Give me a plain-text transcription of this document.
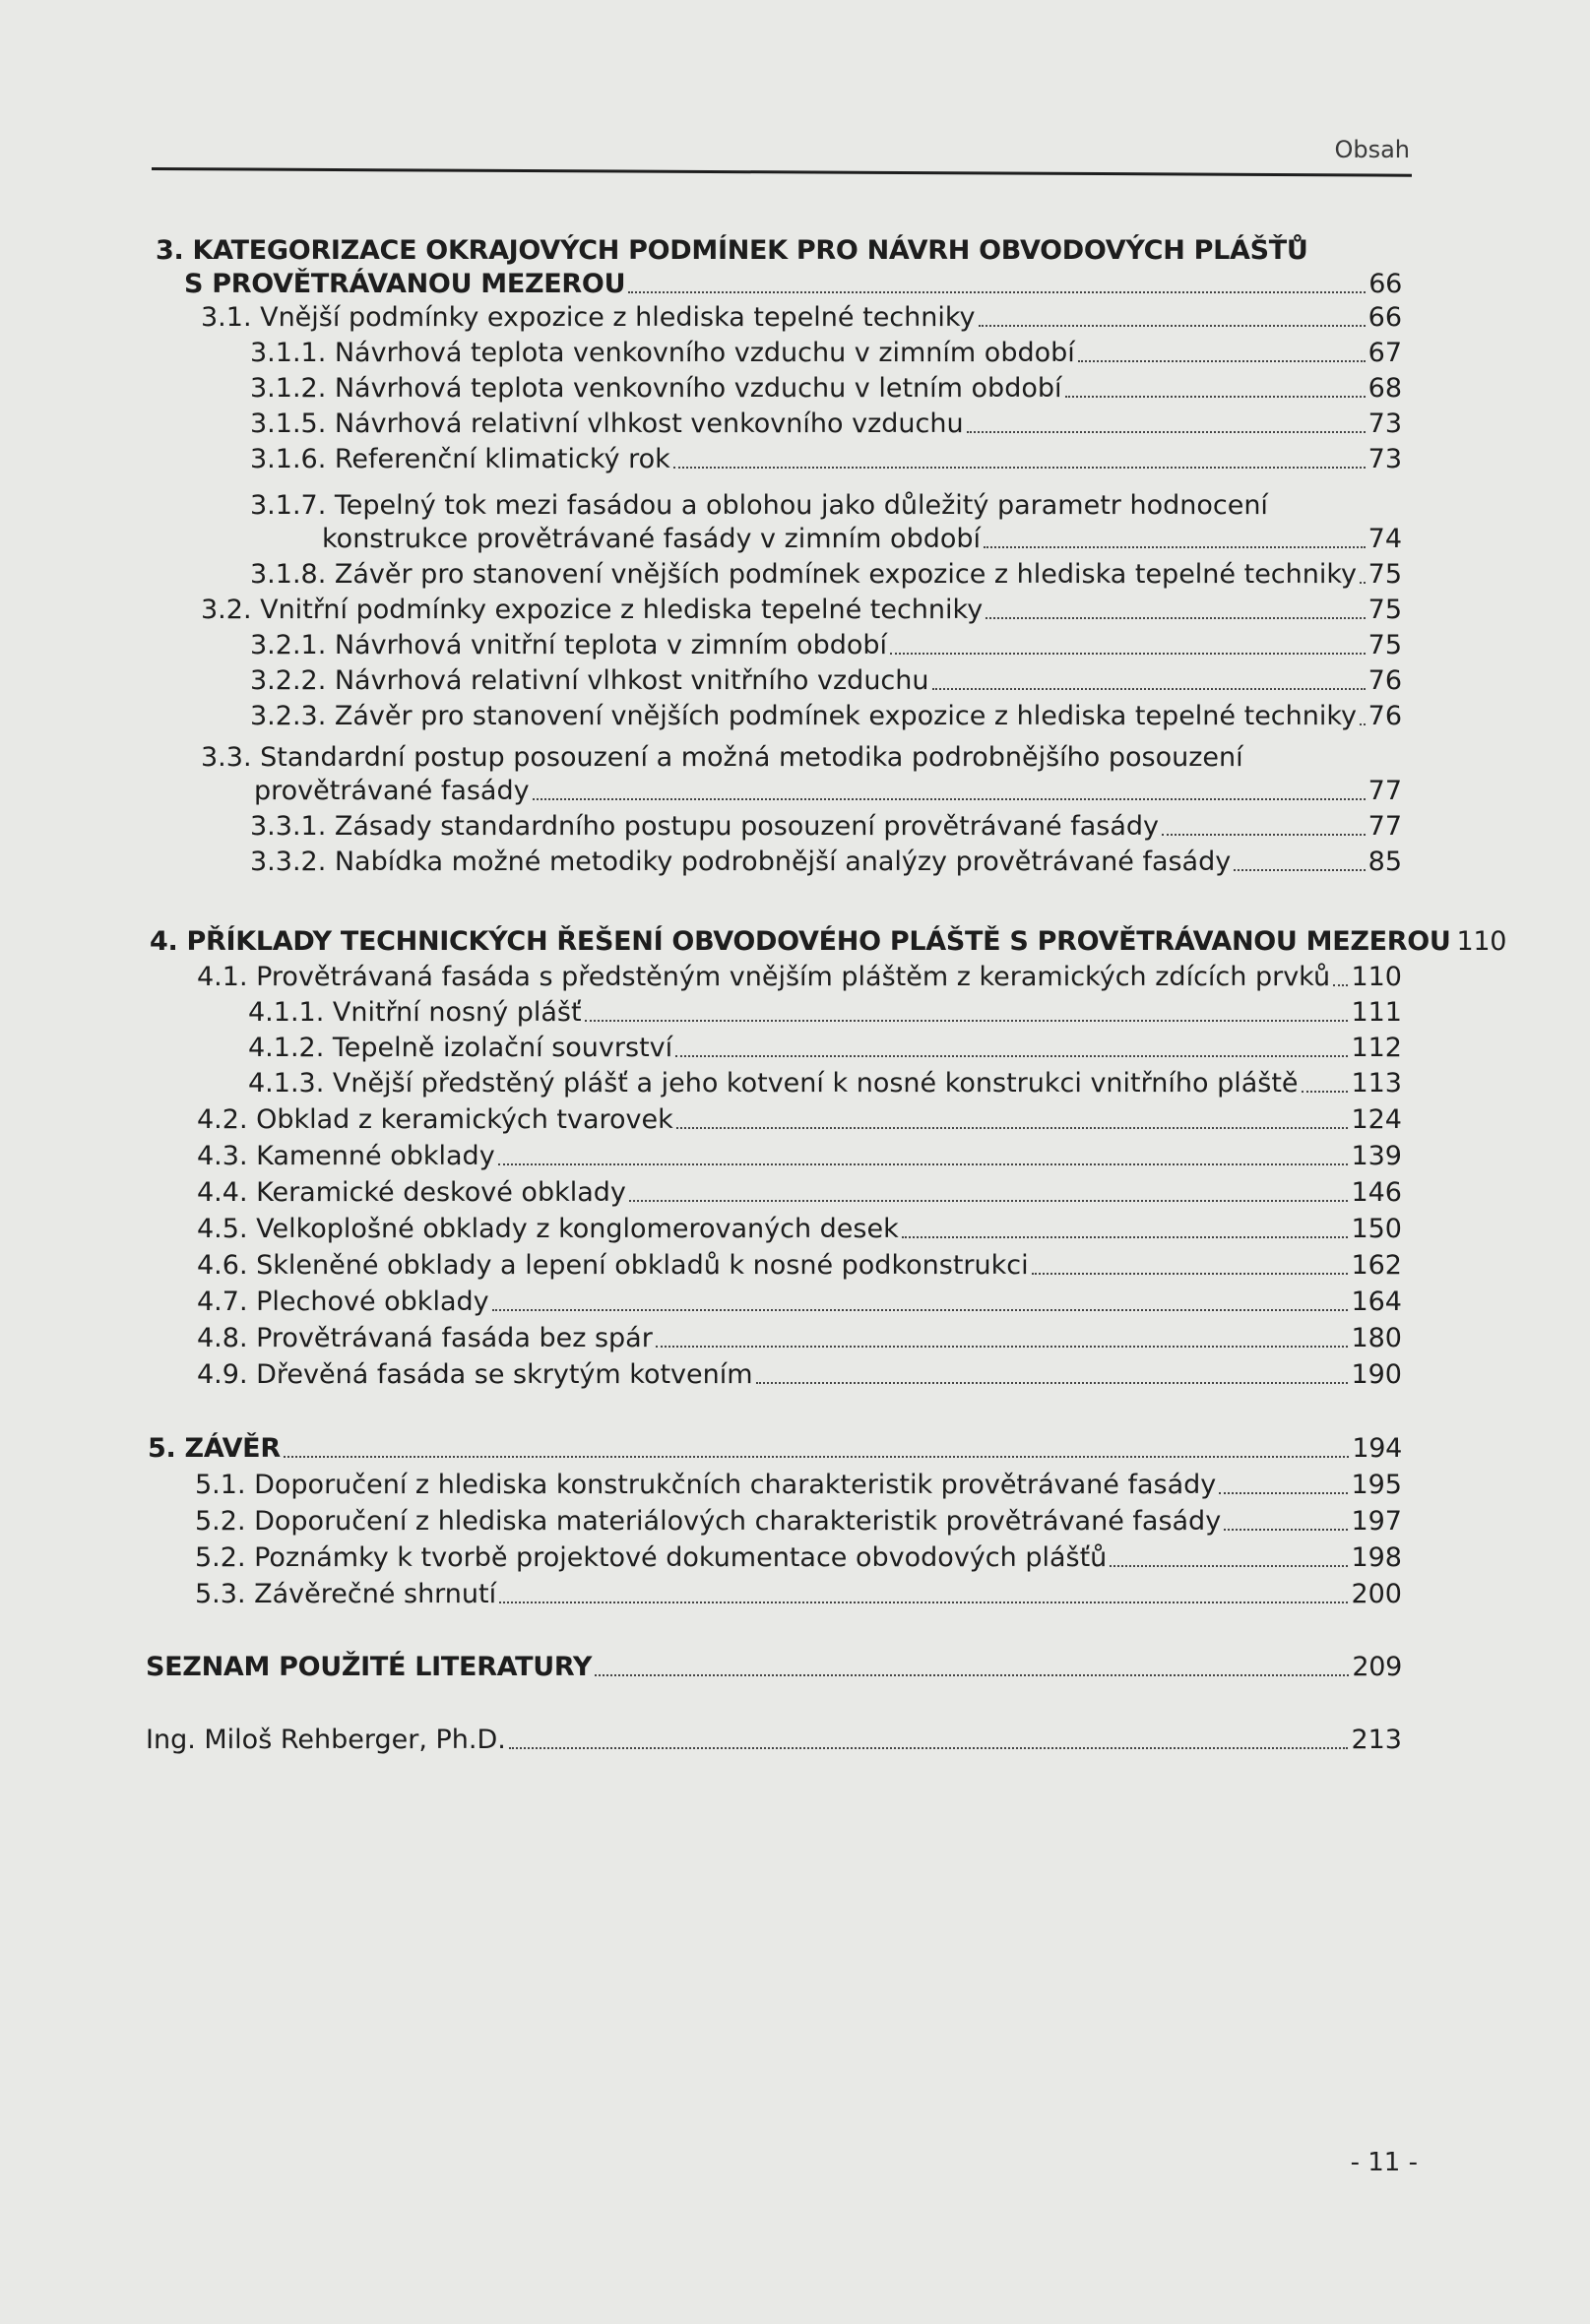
Obsah
3. KATEGORIZACE OKRAJOVÝCH PODMÍNEK PRO NÁVRH OBVODOVÝCH PLÁŠŤŮ
S PROVĚTRÁVANOU MEZEROU	66
3.1. Vnější podmínky expozice z hlediska tepelné techniky	66
3.1.1. Návrhová teplota venkovního vzduchu v zimním období	67
3.1.2. Návrhová teplota venkovního vzduchu v letním období	68
3.1.5. Návrhová relativní vlhkost venkovního vzduchu	73
3.1.6. Referenční klimatický rok	73
3.1.7. Tepelný tok mezi fasádou a oblohou jako důležitý parametr hodnocení
konstrukce provětrávané fasády v zimním období	74
3.1.8. Závěr pro stanovení vnějších podmínek expozice z hlediska tepelné techniky 75
3.2. Vnitřní podmínky expozice z hlediska tepelné techniky	75
3.2.1. Návrhová vnitřní teplota v zimním období	75
3.2.2. Návrhová relativní vlhkost vnitřního vzduchu	76
3.2.3. Závěr pro stanovení vnějších podmínek expozice z hlediska tepelné techniky 76
3.3. Standardní postup posouzení a možná metodika podrobnějšího posouzení
provětrávané fasády	77
3.3.1. Zásady standardního postupu posouzení provětrávané fasády	77
3.3.2. Nabídka možné metodiky podrobnější analýzy provětrávané fasády	85
4. PŘÍKLADY TECHNICKÝCH ŘEŠENÍ OBVODOVÉHO PLÁŠTĚ S PROVĚTRÁVANOU MEZEROU 110
4.1. Provětrávaná fasáda s předstěným vnějším pláštěm z keramických zdících prvků 110
4.1.1. Vnitřní nosný plášť	111
4.1.2. Tepelně izolační souvrství	112
4.1.3. Vnější předstěný plášť a jeho kotvení k nosné konstrukci vnitřního pláště 113
4.2. Obklad z keramických tvarovek	124
4.3. Kamenné obklady	139
4.4. Keramické deskové obklady	146
4.5. Velkoplošné obklady z konglomerovaných desek	150
4.6. Skleněné obklady a lepení obkladů k nosné podkonstrukci	162
4.7. Plechové obklady	164
4.8. Provětrávaná fasáda bez spár	180
4.9. Dřevěná fasáda se skrytým kotvením	190
5. ZÁVĚR	194
5.1. Doporučení z hlediska konstrukčních charakteristik provětrávané fasády	195
5.2. Doporučení z hlediska materiálových charakteristik provětrávané fasády	197
5.2. Poznámky k tvorbě projektové dokumentace obvodových plášťů	198
5.3. Závěrečné shrnutí	200
SEZNAM POUŽITÉ LITERATURY	209
Ing. Miloš Rehberger, Ph.D.	213
- 11 -
